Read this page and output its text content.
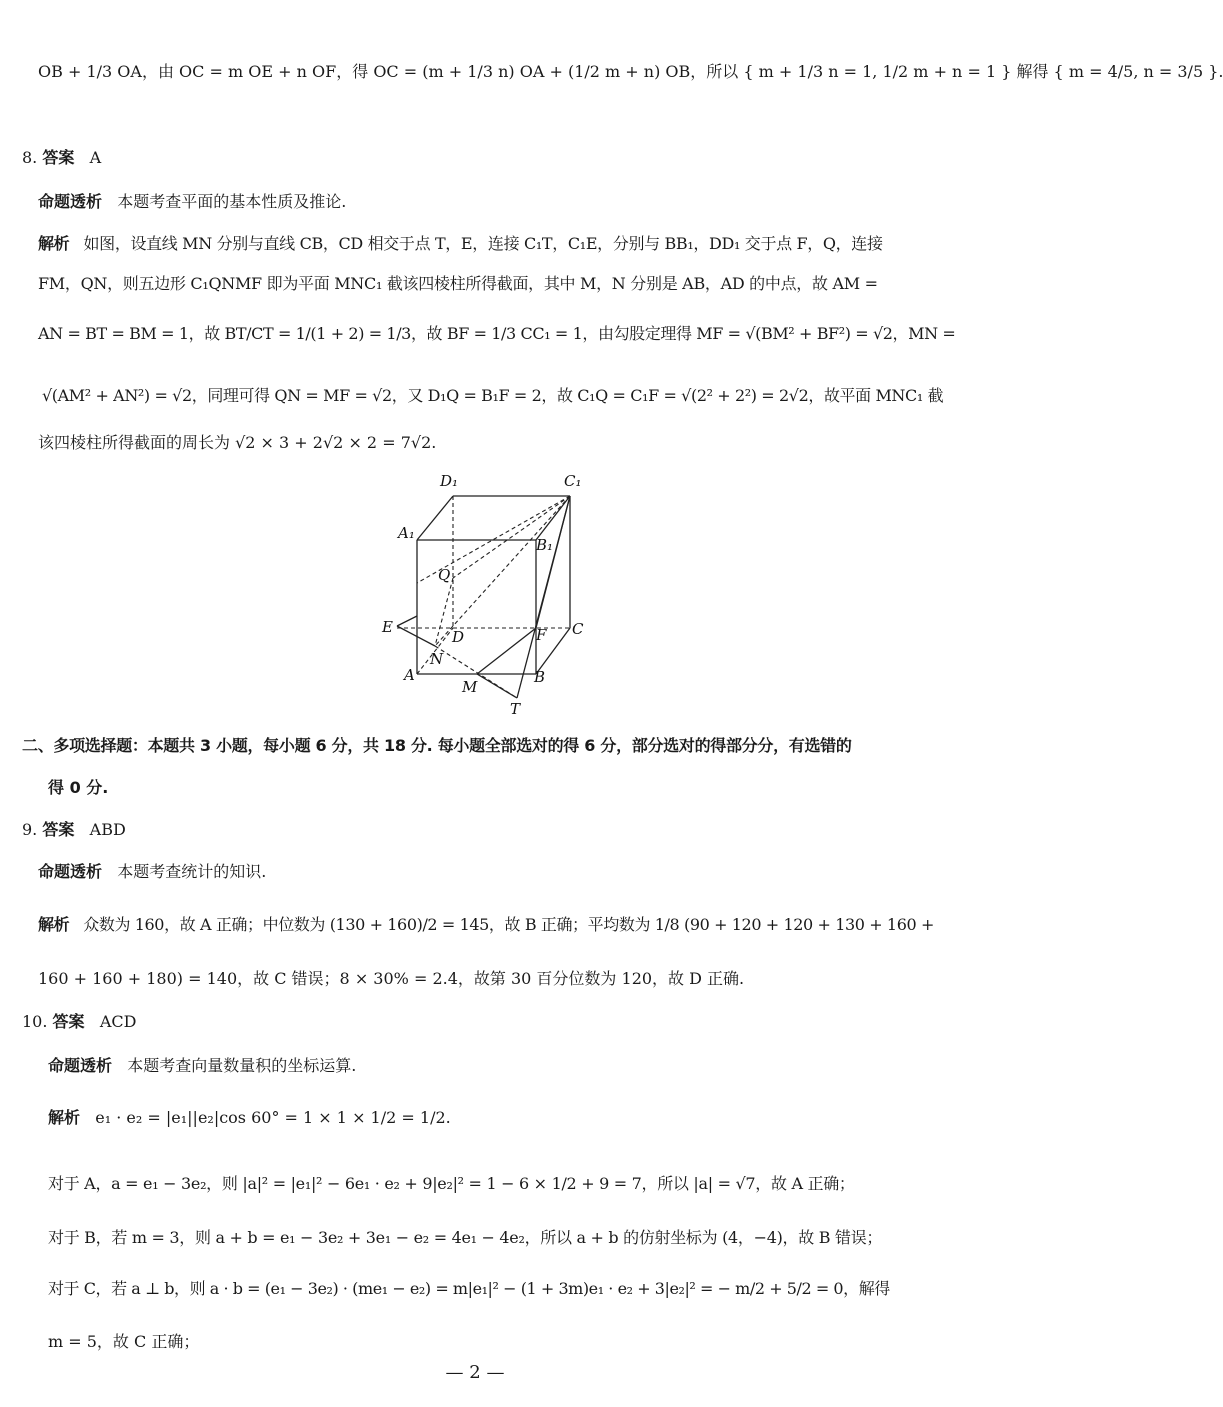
OB + 1/3 OA，由 OC = m OE + n OF，得 OC = (m + 1/3 n) OA + (1/2 m + n) OB，所以 { m + 1/3 n = 1, 1/2 m + n = 1 } 解得 { m = 4/5, n = 3/5 }.
8. 答案 A
命题透析 本题考查平面的基本性质及推论.
解析 如图，设直线 MN 分别与直线 CB，CD 相交于点 T，E，连接 C₁T，C₁E，分别与 BB₁，DD₁ 交于点 F，Q，连接
FM，QN，则五边形 C₁QNMF 即为平面 MNC₁ 截该四棱柱所得截面，其中 M，N 分别是 AB，AD 的中点，故 AM =
AN = BT = BM = 1，故 BT/CT = 1/(1 + 2) = 1/3，故 BF = 1/3 CC₁ = 1，由勾股定理得 MF = √(BM² + BF²) = √2，MN =
√(AM² + AN²) = √2，同理可得 QN = MF = √2，又 D₁Q = B₁F = 2，故 C₁Q = C₁F = √(2² + 2²) = 2√2，故平面 MNC₁ 截
该四棱柱所得截面的周长为 √2 × 3 + 2√2 × 2 = 7√2.
D₁	C₁
A₁
B₁
Q
E
D	F C
N
A
M
B
T
二、多项选择题：本题共 3 小题，每小题 6 分，共 18 分. 每小题全部选对的得 6 分，部分选对的得部分分，有选错的
得 0 分.
9. 答案 ABD
命题透析 本题考查统计的知识.
解析 众数为 160，故 A 正确；中位数为 (130 + 160)/2 = 145，故 B 正确；平均数为 1/8 (90 + 120 + 120 + 130 + 160 +
160 + 160 + 180) = 140，故 C 错误；8 × 30% = 2.4，故第 30 百分位数为 120，故 D 正确.
10. 答案 ACD
命题透析 本题考查向量数量积的坐标运算.
解析 e₁ · e₂ = |e₁||e₂|cos 60° = 1 × 1 × 1/2 = 1/2.
对于 A，a = e₁ − 3e₂，则 |a|² = |e₁|² − 6e₁ · e₂ + 9|e₂|² = 1 − 6 × 1/2 + 9 = 7，所以 |a| = √7，故 A 正确；
对于 B，若 m = 3，则 a + b = e₁ − 3e₂ + 3e₁ − e₂ = 4e₁ − 4e₂，所以 a + b 的仿射坐标为 (4，−4)，故 B 错误；
对于 C，若 a ⊥ b，则 a · b = (e₁ − 3e₂) · (me₁ − e₂) = m|e₁|² − (1 + 3m)e₁ · e₂ + 3|e₂|² = − m/2 + 5/2 = 0，解得
m = 5，故 C 正确；
— 2 —
